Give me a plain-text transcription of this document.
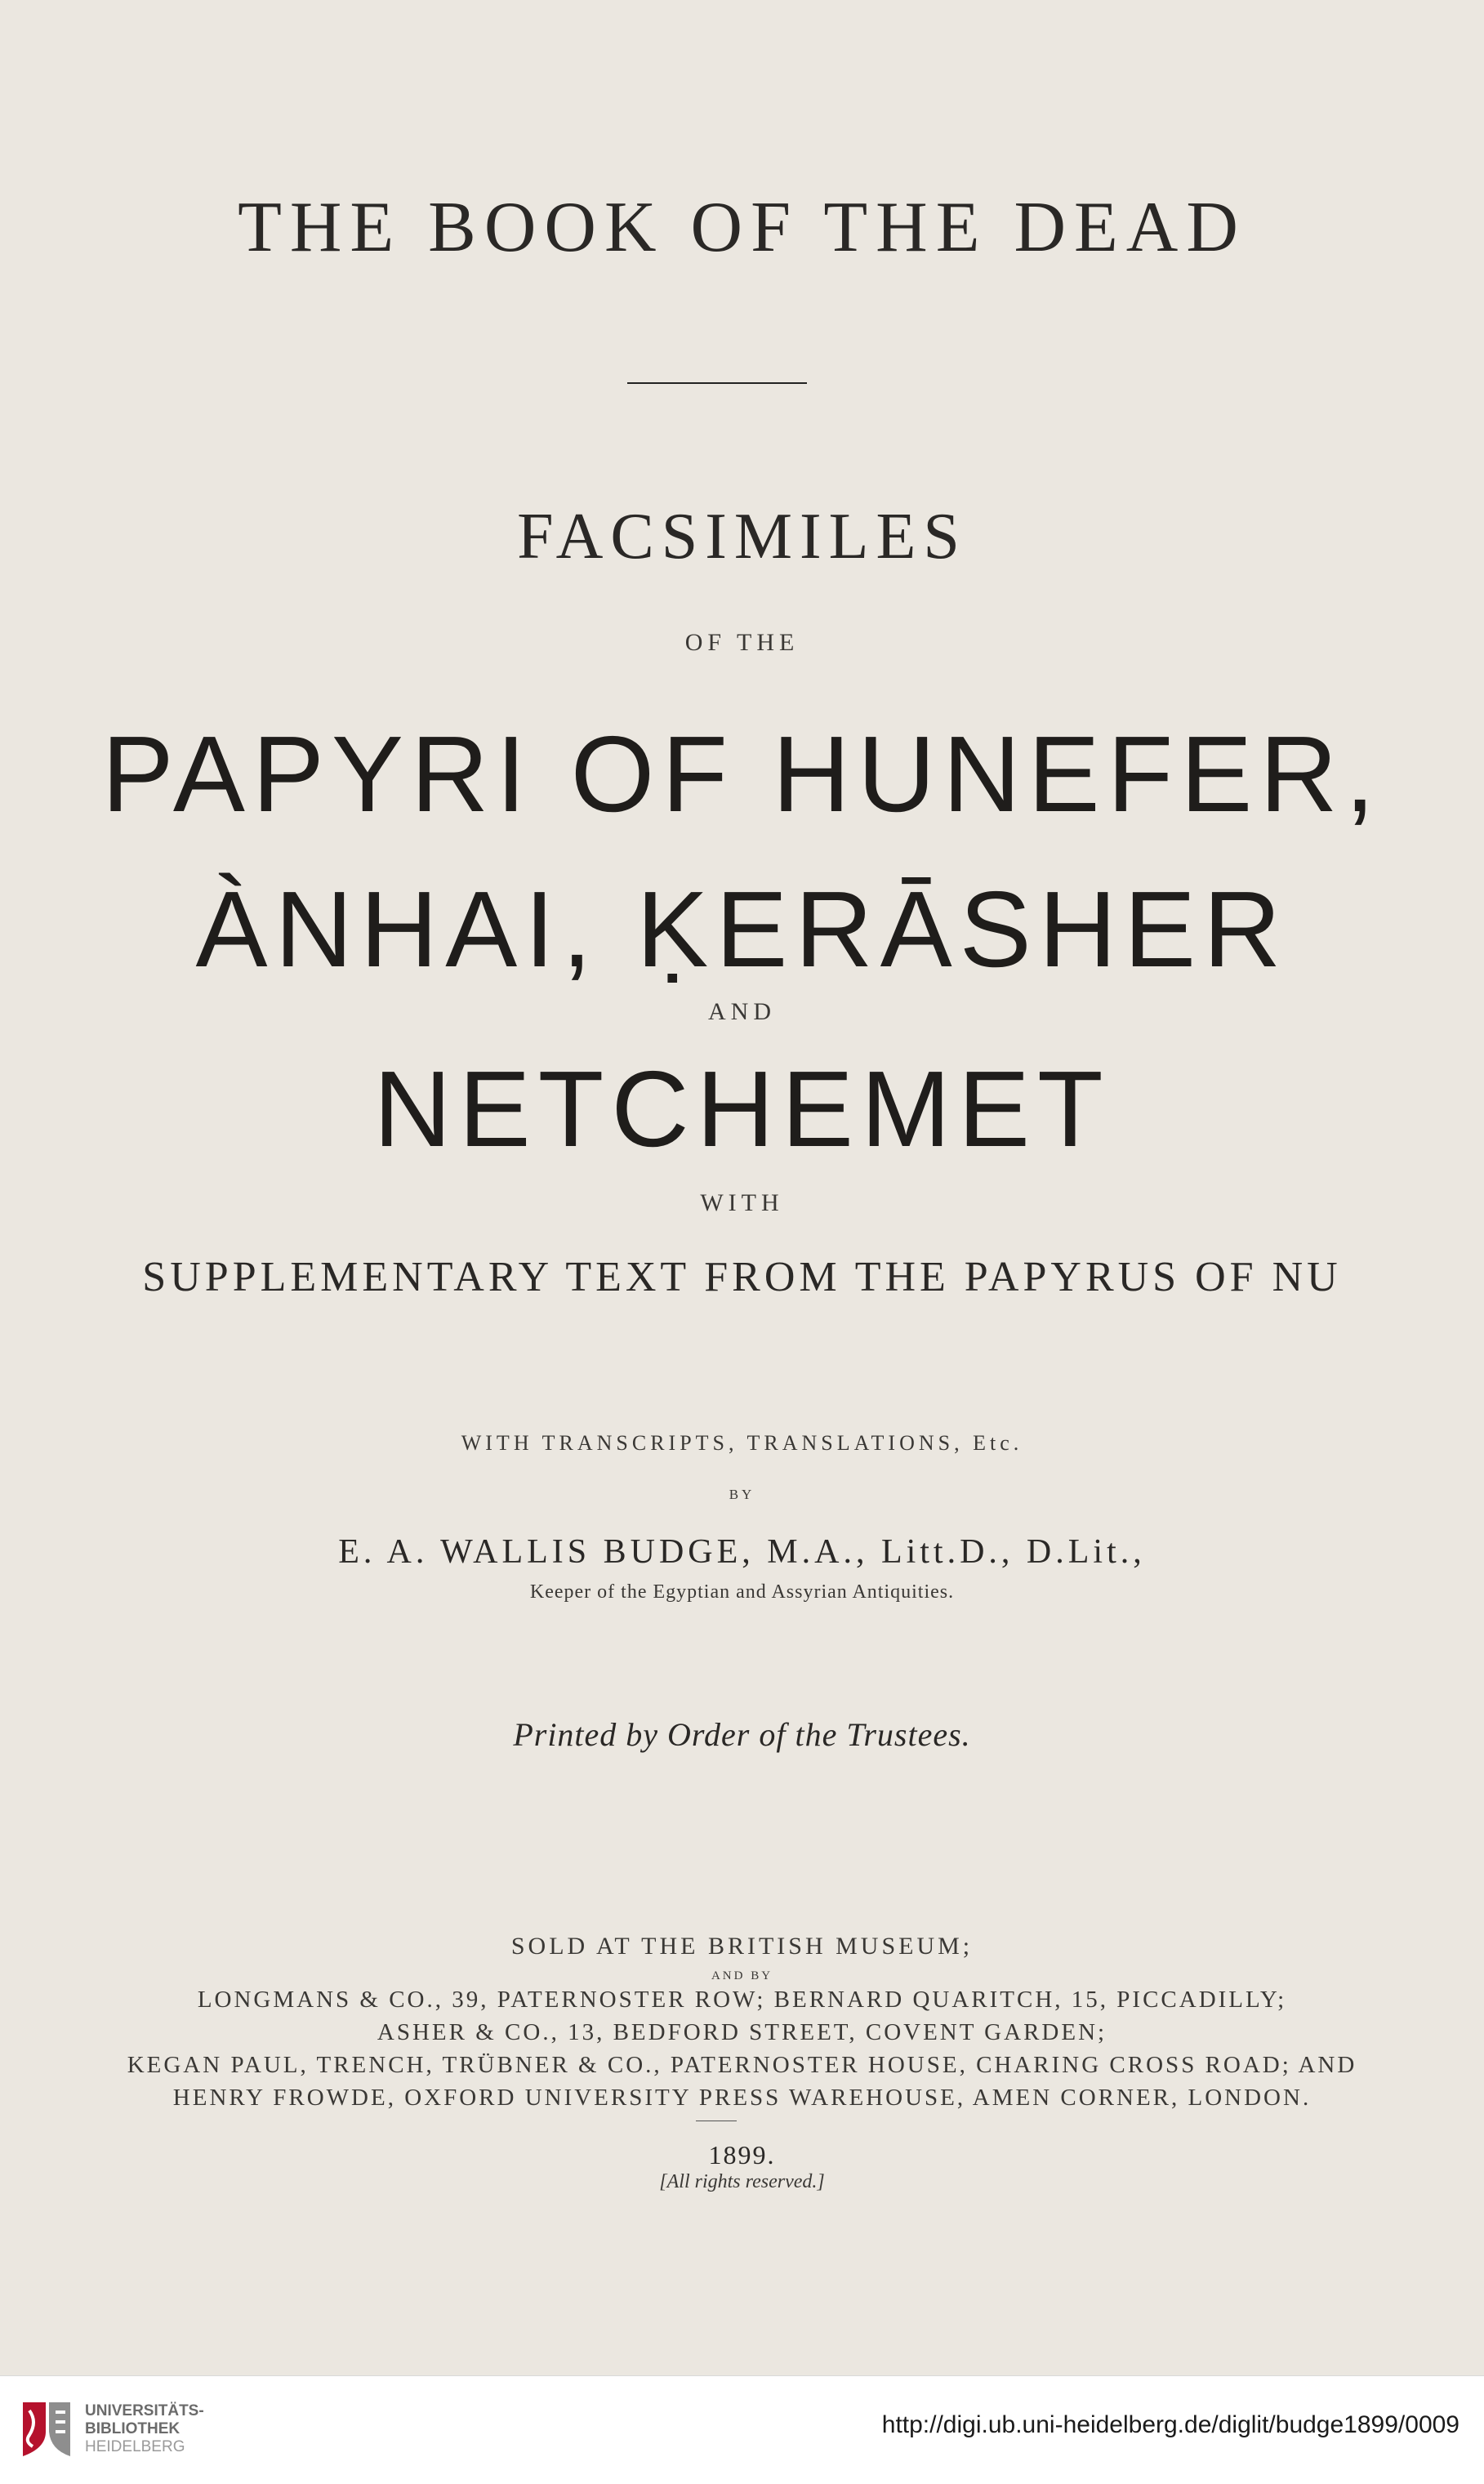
THE BOOK OF THE DEAD
FACSIMILES
OF THE
PAPYRI OF HUNEFER,
ÀNHAI, ḲERĀSHER
AND
NETCHEMET
WITH
SUPPLEMENTARY TEXT FROM THE PAPYRUS OF NU
WITH TRANSCRIPTS, TRANSLATIONS, Etc.
BY
E. A. WALLIS BUDGE, M.A., Litt.D., D.Lit.,
Keeper of the Egyptian and Assyrian Antiquities.
Printed by Order of the Trustees.
SOLD AT THE BRITISH MUSEUM;
AND BY
LONGMANS & CO., 39, PATERNOSTER ROW; BERNARD QUARITCH, 15, PICCADILLY;
ASHER & CO., 13, BEDFORD STREET, COVENT GARDEN;
KEGAN PAUL, TRENCH, TRÜBNER & CO., PATERNOSTER HOUSE, CHARING CROSS ROAD; AND
HENRY FROWDE, OXFORD UNIVERSITY PRESS WAREHOUSE, AMEN CORNER, LONDON.
1899.
[All rights reserved.]
UNIVERSITÄTS-
BIBLIOTHEK
HEIDELBERG
http://digi.ub.uni-heidelberg.de/diglit/budge1899/0009
